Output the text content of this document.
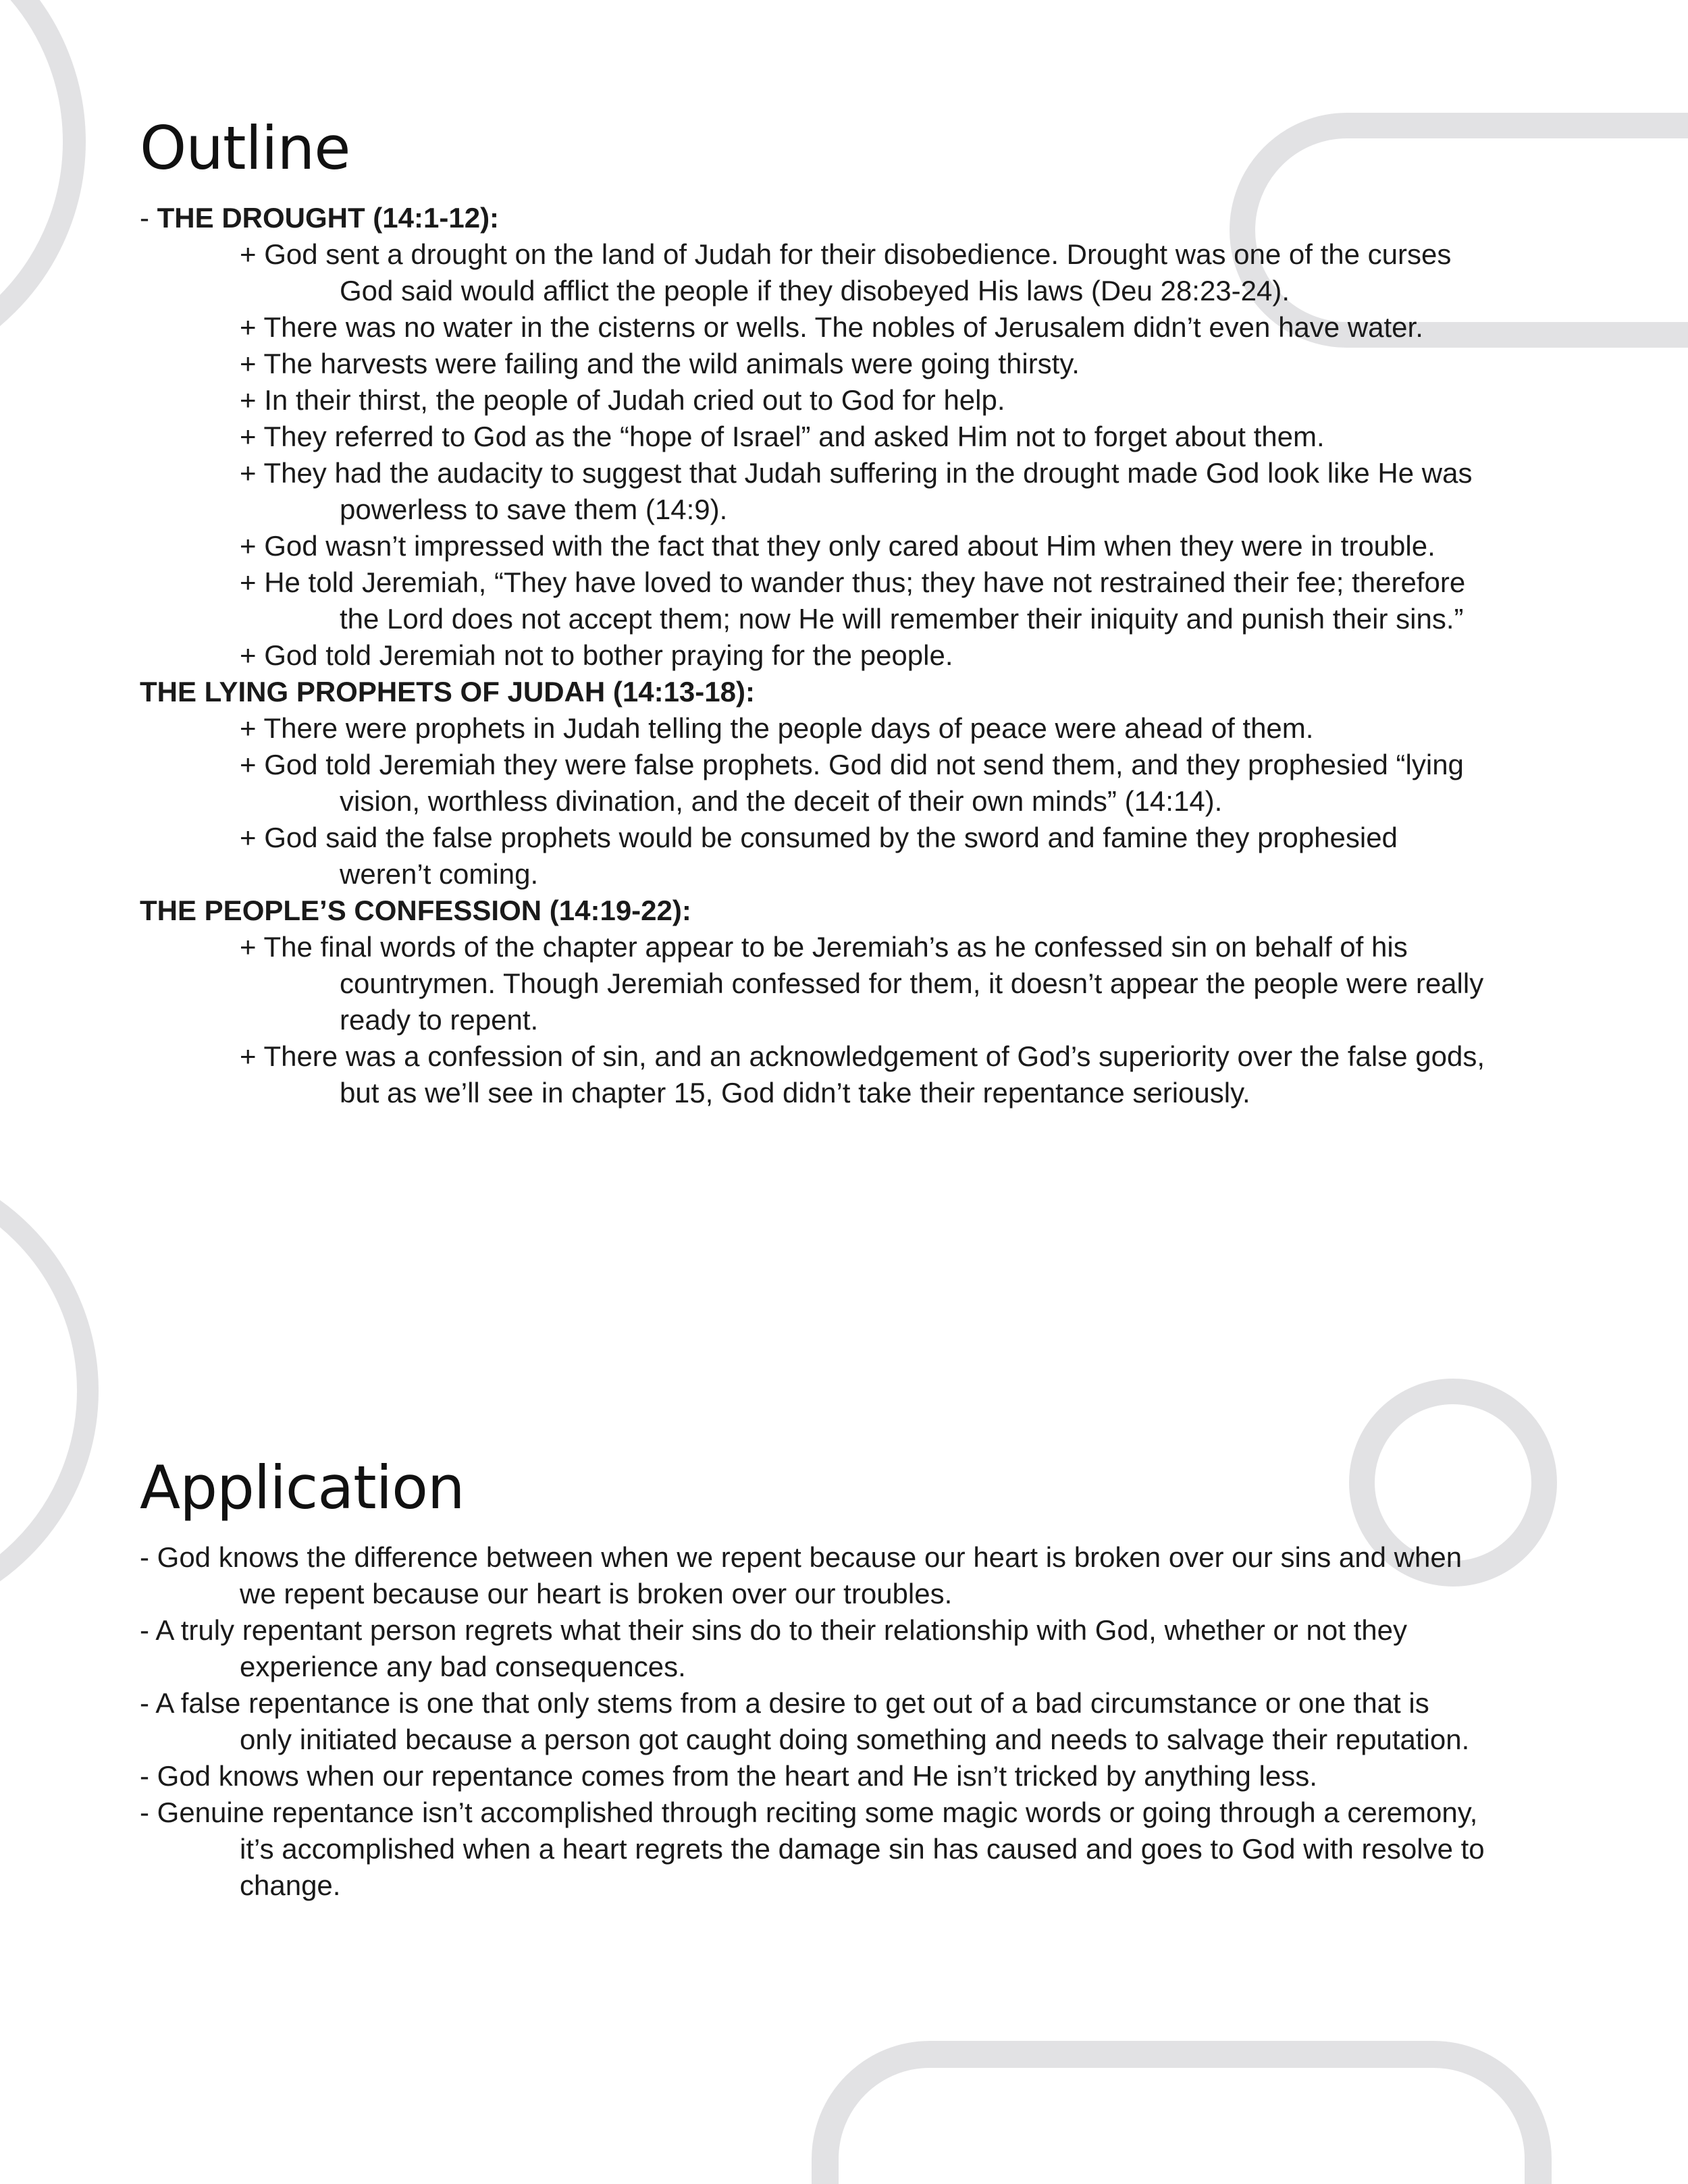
Outline
- THE DROUGHT (14:1-12):
+ God sent a drought on the land of Judah for their disobedience. Drought was one of the curses
God said would afflict the people if they disobeyed His laws (Deu 28:23-24).
+ There was no water in the cisterns or wells. The nobles of Jerusalem didn’t even have water.
+ The harvests were failing and the wild animals were going thirsty.
+ In their thirst, the people of Judah cried out to God for help.
+ They referred to God as the “hope of Israel” and asked Him not to forget about them.
+ They had the audacity to suggest that Judah suffering in the drought made God look like He was
powerless to save them (14:9).
+ God wasn’t impressed with the fact that they only cared about Him when they were in trouble.
+ He told Jeremiah, “They have loved to wander thus; they have not restrained their fee; therefore
the Lord does not accept them; now He will remember their iniquity and punish their sins.”
+ God told Jeremiah not to bother praying for the people.
THE LYING PROPHETS OF JUDAH (14:13-18):
+ There were prophets in Judah telling the people days of peace were ahead of them.
+ God told Jeremiah they were false prophets. God did not send them, and they prophesied “lying
vision, worthless divination, and the deceit of their own minds” (14:14).
+ God said the false prophets would be consumed by the sword and famine they prophesied
weren’t coming.
THE PEOPLE’S CONFESSION (14:19-22):
+ The final words of the chapter appear to be Jeremiah’s as he confessed sin on behalf of his
countrymen. Though Jeremiah confessed for them, it doesn’t appear the people were really
ready to repent.
+ There was a confession of sin, and an acknowledgement of God’s superiority over the false gods,
but as we’ll see in chapter 15, God didn’t take their repentance seriously.
Application
- God knows the difference between when we repent because our heart is broken over our sins and when
we repent because our heart is broken over our troubles.
- A truly repentant person regrets what their sins do to their relationship with God, whether or not they
experience any bad consequences.
- A false repentance is one that only stems from a desire to get out of a bad circumstance or one that is
only initiated because a person got caught doing something and needs to salvage their reputation.
- God knows when our repentance comes from the heart and He isn’t tricked by anything less.
- Genuine repentance isn’t accomplished through reciting some magic words or going through a ceremony,
it’s accomplished when a heart regrets the damage sin has caused and goes to God with resolve to
change.
